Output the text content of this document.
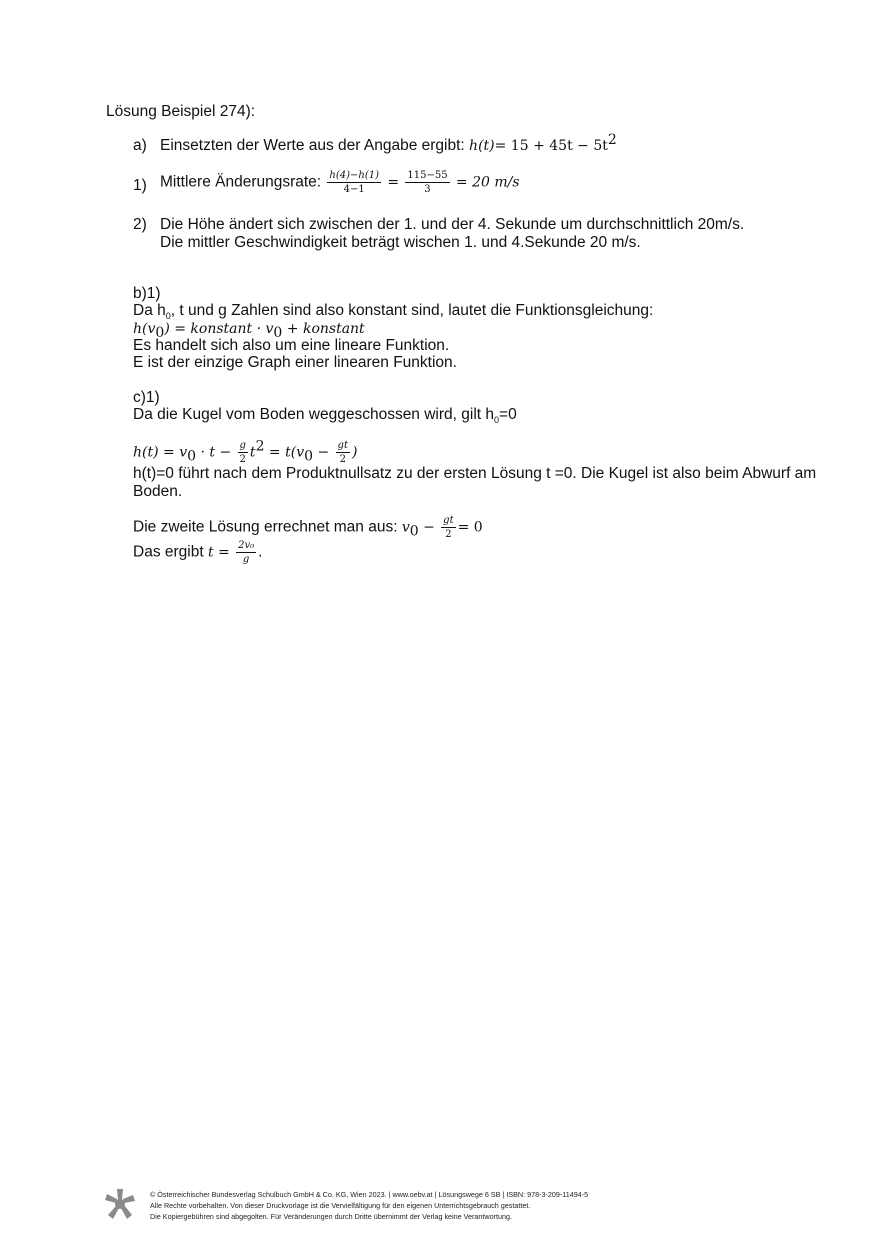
Lösung Beispiel 274):
a) Einsetzten der Werte aus der Angabe ergibt: $h(t)= 15 + 45t - 5t^2$
1) Mittlere Änderungsrate: $\frac{h(4)-h(1)}{4-1} = \frac{115-55}{3} = 20$ m/s
2) Die Höhe ändert sich zwischen der 1. und der 4. Sekunde um durchschnittlich 20m/s.
Die mittler Geschwindigkeit beträgt wischen 1. und 4.Sekunde 20 m/s.
b)1)
Da $h_0$, t und g Zahlen sind also konstant sind, lautet die Funktionsgleichung:
$h(v_0)$ = konstant · $v_0$ + konstant
Es handelt sich also um eine lineare Funktion.
E ist der einzige Graph einer linearen Funktion.
c)1)
Da die Kugel vom Boden weggeschossen wird, gilt $h_0=0$
$h(t) = v_0 \cdot t - \frac{g}{2} t^2 = t(v_0 - \frac{gt}{2}$ )
h(t)=0 führt nach dem Produktnullsatz zu der ersten Lösung t =0. Die Kugel ist also beim Abwurf am
Boden.
Die zweite Lösung errechnet man aus: $v_0 - \frac{gt}{2} = 0$
Das ergibt $t = \frac{\text{2v₀}}{g}$ .
© Österreichischer Bundesverlag Schulbuch GmbH & Co. KG, Wien 2023. | www.oebv.at | Lösungswege 6 SB | ISBN: 978-3-209-11494-5
Alle Rechte vorbehalten. Von dieser Druckvorlage ist die Vervielfältigung für den eigenen Unterrichtsgebrauch gestattet.
Die Kopiergebühren sind abgegolten. Für Veränderungen durch Dritte übernimmt der Verlag keine Verantwortung.
